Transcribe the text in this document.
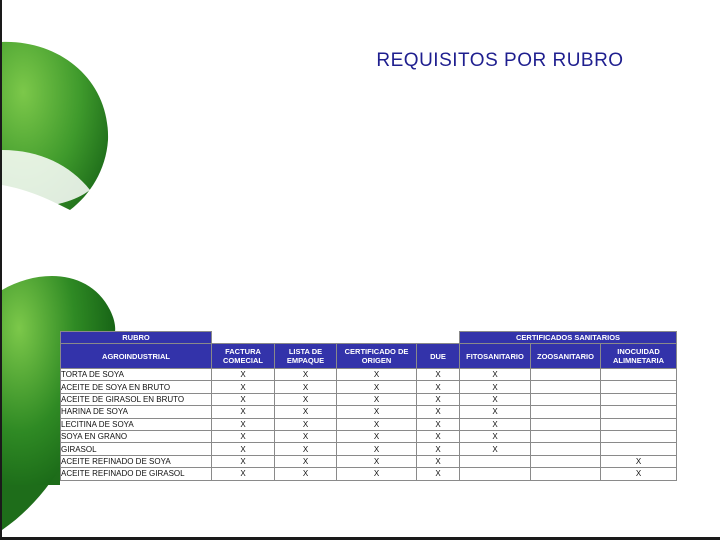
REQUISITOS POR RUBRO
RUBRO					CERTIFICADOS SANITARIOS		
AGROINDUSTRIAL	FACTURA COMECIAL	LISTA DE EMPAQUE	CERTIFICADO DE ORIGEN	DUE	FITOSANITARIO	ZOOSANITARIO	INOCUIDAD ALIMNETARIA
TORTA DE SOYA	X	X	X	X	X		
ACEITE DE SOYA EN BRUTO	X	X	X	X	X		
ACEITE DE GIRASOL EN BRUTO	X	X	X	X	X		
HARINA DE SOYA	X	X	X	X	X		
LECITINA DE SOYA	X	X	X	X	X		
SOYA EN GRANO	X	X	X	X	X		
GIRASOL	X	X	X	X	X		
ACEITE REFINADO DE SOYA	X	X	X	X			X
ACEITE REFINADO DE GIRASOL	X	X	X	X			X
